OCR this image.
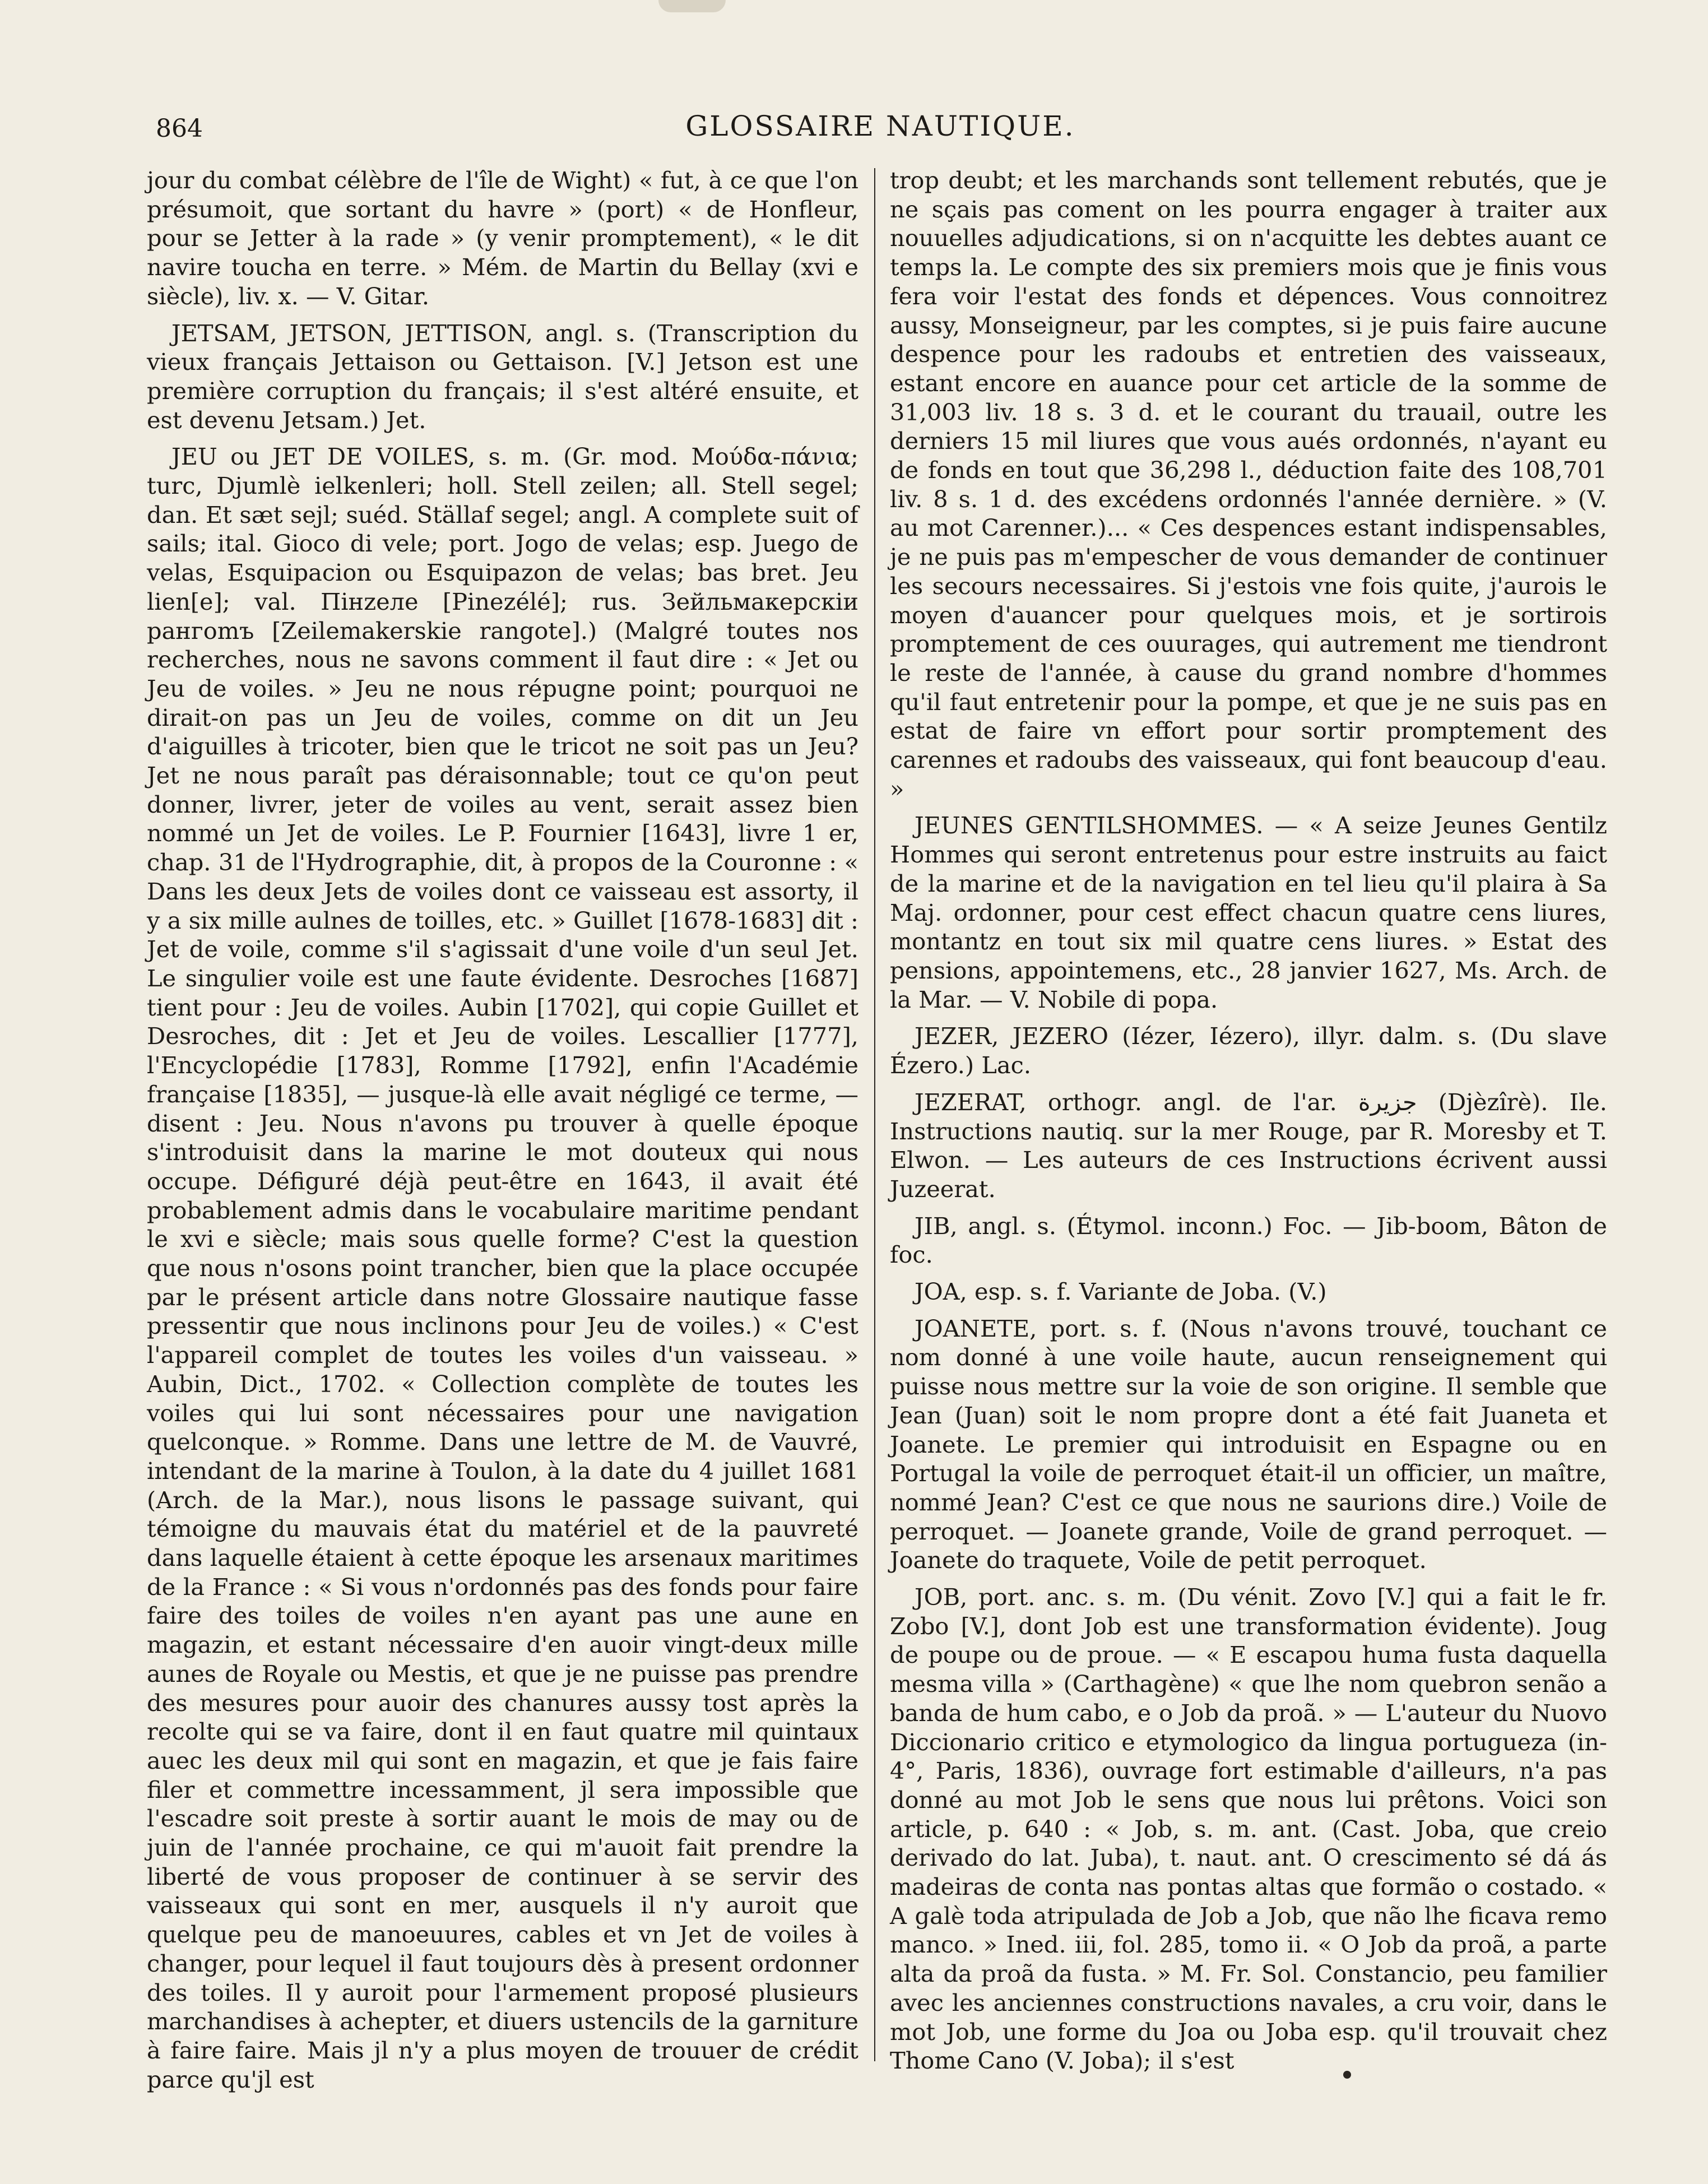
864	GLOSSAIRE NAUTIQUE.

jour du combat célèbre de l'île de Wight) « fut, à ce que l'on présumoit, que sortant du havre » (port) « de Honfleur, pour se Jetter à la rade » (y venir promptement), « le dit navire toucha en terre. » Mém. de Martin du Bellay (xvi e siècle), liv. x. — V. Gitar.

JETSAM, JETSON, JETTISON, angl. s. (Transcription du vieux français Jettaison ou Gettaison. [V.] Jetson est une première corruption du français; il s'est altéré ensuite, et est devenu Jetsam.) Jet.

JEU ou JET DE VOILES, s. m. (Gr. mod. Μούδα-πάνια; turc, Djumlè ielkenleri; holl. Stell zeilen; all. Stell segel; dan. Et sæt sejl; suéd. Ställaf segel; angl. A complete suit of sails; ital. Gioco di vele; port. Jogo de velas; esp. Juego de velas, Esquipacion ou Esquipazon de velas; bas bret. Jeu lien[e]; val. Пінzеле [Pinezélé]; rus. Зейльмакерскiи рангоmъ [Zeilemakerskie rangote].) (Malgré toutes nos recherches, nous ne savons comment il faut dire : « Jet ou Jeu de voiles. » Jeu ne nous répugne point; pourquoi ne dirait-on pas un Jeu de voiles, comme on dit un Jeu d'aiguilles à tricoter, bien que le tricot ne soit pas un Jeu? Jet ne nous paraît pas déraisonnable; tout ce qu'on peut donner, livrer, jeter de voiles au vent, serait assez bien nommé un Jet de voiles. Le P. Fournier [1643], livre 1 er, chap. 31 de l'Hydrographie, dit, à propos de la Couronne : « Dans les deux Jets de voiles dont ce vaisseau est assorty, il y a six mille aulnes de toilles, etc. » Guillet [1678-1683] dit : Jet de voile, comme s'il s'agissait d'une voile d'un seul Jet. Le singulier voile est une faute évidente. Desroches [1687] tient pour : Jeu de voiles. Aubin [1702], qui copie Guillet et Desroches, dit : Jet et Jeu de voiles. Lescallier [1777], l'Encyclopédie [1783], Romme [1792], enfin l'Académie française [1835], — jusque-là elle avait négligé ce terme, — disent : Jeu. Nous n'avons pu trouver à quelle époque s'introduisit dans la marine le mot douteux qui nous occupe. Défiguré déjà peut-être en 1643, il avait été probablement admis dans le vocabulaire maritime pendant le xvi e siècle; mais sous quelle forme? C'est la question que nous n'osons point trancher, bien que la place occupée par le présent article dans notre Glossaire nautique fasse pressentir que nous inclinons pour Jeu de voiles.) « C'est l'appareil complet de toutes les voiles d'un vaisseau. » Aubin, Dict., 1702. « Collection complète de toutes les voiles qui lui sont nécessaires pour une navigation quelconque. » Romme. Dans une lettre de M. de Vauvré, intendant de la marine à Toulon, à la date du 4 juillet 1681 (Arch. de la Mar.), nous lisons le passage suivant, qui témoigne du mauvais état du matériel et de la pauvreté dans laquelle étaient à cette époque les arsenaux maritimes de la France : « Si vous n'ordonnés pas des fonds pour faire faire des toiles de voiles n'en ayant pas une aune en magazin, et estant nécessaire d'en auoir vingt-deux mille aunes de Royale ou Mestis, et que je ne puisse pas prendre des mesures pour auoir des chanures aussy tost après la recolte qui se va faire, dont il en faut quatre mil quintaux auec les deux mil qui sont en magazin, et que je fais faire filer et commettre incessamment, jl sera impossible que l'escadre soit preste à sortir auant le mois de may ou de juin de l'année prochaine, ce qui m'auoit fait prendre la liberté de vous proposer de continuer à se servir des vaisseaux qui sont en mer, ausquels il n'y auroit que quelque peu de manoeuures, cables et vn Jet de voiles à changer, pour lequel il faut toujours dès à present ordonner des toiles. Il y auroit pour l'armement proposé plusieurs marchandises à achepter, et diuers ustencils de la garniture à faire faire. Mais jl n'y a plus moyen de trouuer de crédit parce qu'jl est

trop deubt; et les marchands sont tellement rebutés, que je ne sçais pas coment on les pourra engager à traiter aux nouuelles adjudications, si on n'acquitte les debtes auant ce temps la. Le compte des six premiers mois que je finis vous fera voir l'estat des fonds et dépences. Vous connoitrez aussy, Monseigneur, par les comptes, si je puis faire aucune despence pour les radoubs et entretien des vaisseaux, estant encore en auance pour cet article de la somme de 31,003 liv. 18 s. 3 d. et le courant du trauail, outre les derniers 15 mil liures que vous aués ordonnés, n'ayant eu de fonds en tout que 36,298 l., déduction faite des 108,701 liv. 8 s. 1 d. des excédens ordonnés l'année dernière. » (V. au mot Carenner.)... « Ces despences estant indispensables, je ne puis pas m'empescher de vous demander de continuer les secours necessaires. Si j'estois vne fois quite, j'aurois le moyen d'auancer pour quelques mois, et je sortirois promptement de ces ouurages, qui autrement me tiendront le reste de l'année, à cause du grand nombre d'hommes qu'il faut entretenir pour la pompe, et que je ne suis pas en estat de faire vn effort pour sortir promptement des carennes et radoubs des vaisseaux, qui font beaucoup d'eau. »

JEUNES GENTILSHOMMES. — « A seize Jeunes Gentilz Hommes qui seront entretenus pour estre instruits au faict de la marine et de la navigation en tel lieu qu'il plaira à Sa Maj. ordonner, pour cest effect chacun quatre cens liures, montantz en tout six mil quatre cens liures. » Estat des pensions, appointemens, etc., 28 janvier 1627, Ms. Arch. de la Mar. — V. Nobile di popa.

JEZER, JEZERO (Iézer, Iézero), illyr. dalm. s. (Du slave Ézero.) Lac.

JEZERAT, orthogr. angl. de l'ar. جزيرة (Djèzîrè). Ile. Instructions nautiq. sur la mer Rouge, par R. Moresby et T. Elwon. — Les auteurs de ces Instructions écrivent aussi Juzeerat.

JIB, angl. s. (Étymol. inconn.) Foc. — Jib-boom, Bâton de foc.

JOA, esp. s. f. Variante de Joba. (V.)

JOANETE, port. s. f. (Nous n'avons trouvé, touchant ce nom donné à une voile haute, aucun renseignement qui puisse nous mettre sur la voie de son origine. Il semble que Jean (Juan) soit le nom propre dont a été fait Juaneta et Joanete. Le premier qui introduisit en Espagne ou en Portugal la voile de perroquet était-il un officier, un maître, nommé Jean? C'est ce que nous ne saurions dire.) Voile de perroquet. — Joanete grande, Voile de grand perroquet. — Joanete do traquete, Voile de petit perroquet.

JOB, port. anc. s. m. (Du vénit. Zovo [V.] qui a fait le fr. Zobo [V.], dont Job est une transformation évidente). Joug de poupe ou de proue. — « E escapou huma fusta daquella mesma villa » (Carthagène) « que lhe nom quebron senão a banda de hum cabo, e o Job da proã. » — L'auteur du Nuovo Diccionario critico e etymologico da lingua portugueza (in-4°, Paris, 1836), ouvrage fort estimable d'ailleurs, n'a pas donné au mot Job le sens que nous lui prêtons. Voici son article, p. 640 : « Job, s. m. ant. (Cast. Joba, que creio derivado do lat. Juba), t. naut. ant. O crescimento sé dá ás madeiras de conta nas pontas altas que formão o costado. « A galè toda atripulada de Job a Job, que não lhe ficava remo manco. » Ined. iii, fol. 285, tomo ii. « O Job da proã, a parte alta da proã da fusta. » M. Fr. Sol. Constancio, peu familier avec les anciennes constructions navales, a cru voir, dans le mot Job, une forme du Joa ou Joba esp. qu'il trouvait chez Thome Cano (V. Joba); il s'est
